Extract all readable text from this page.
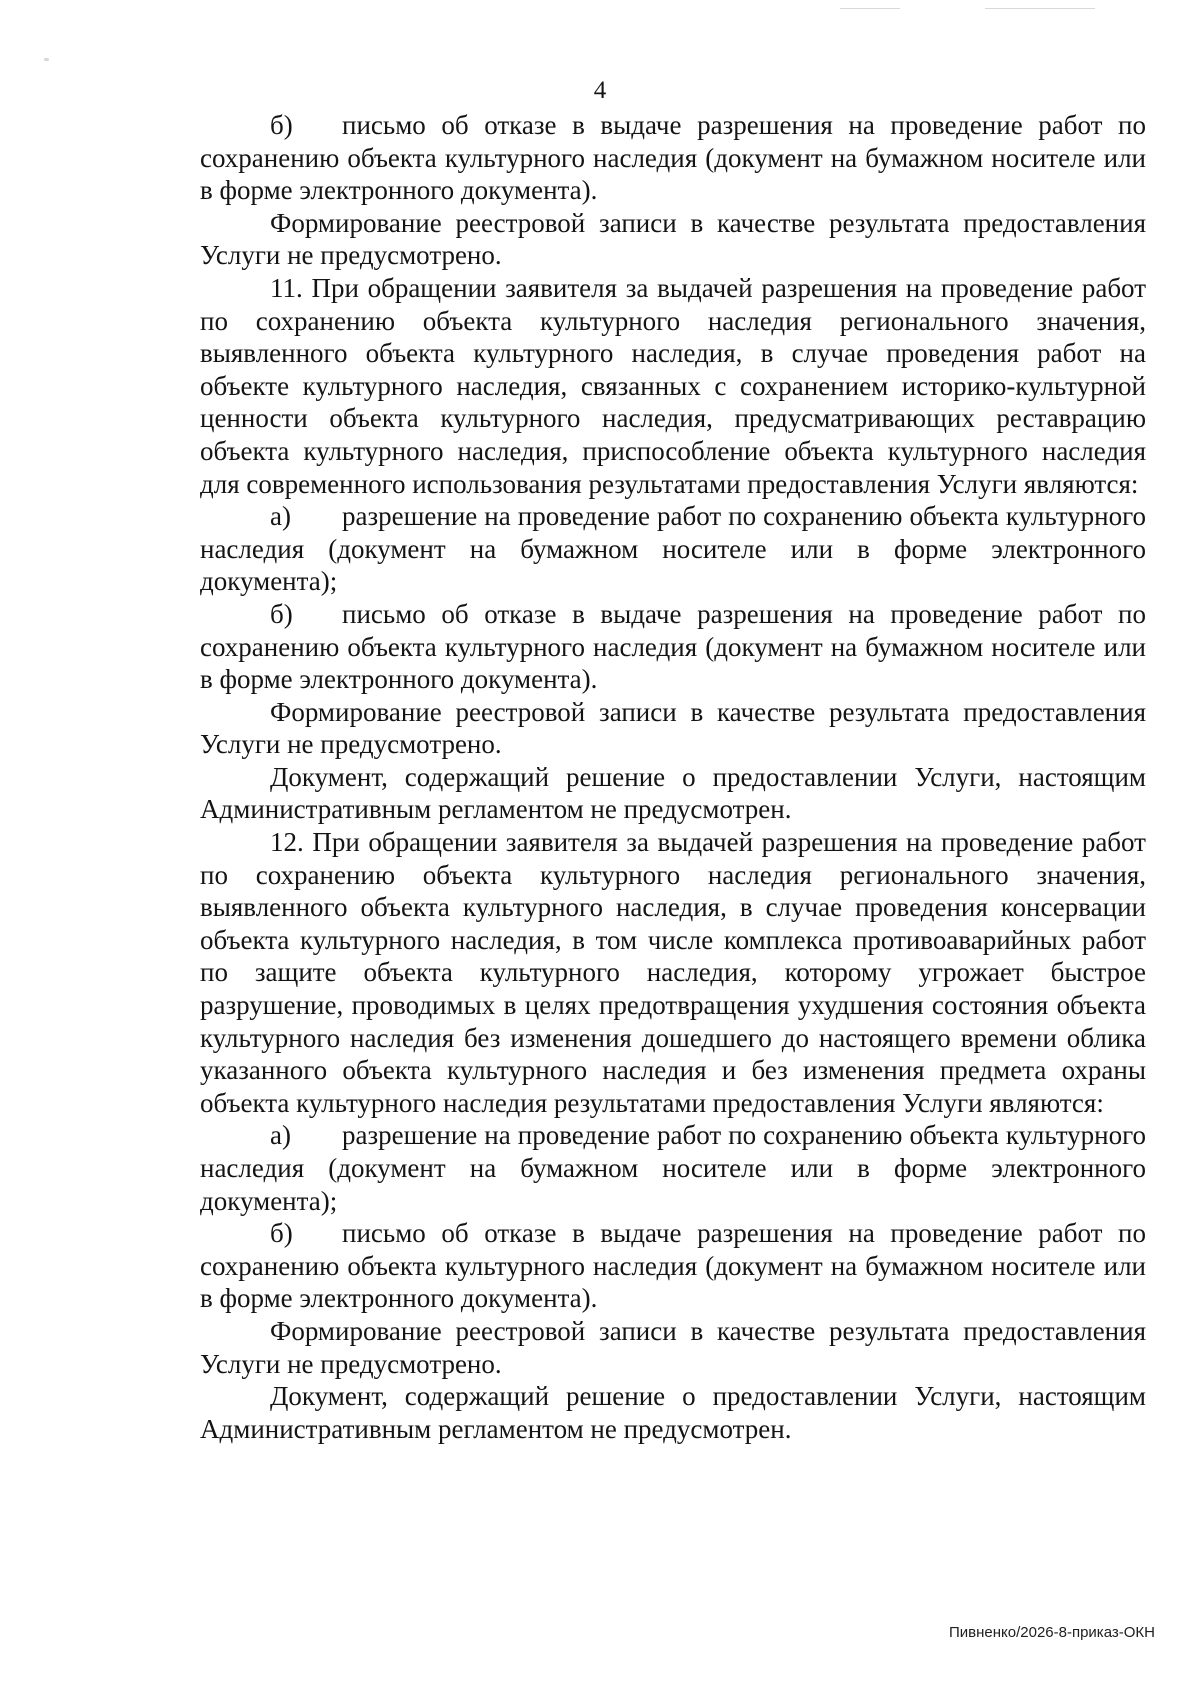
4

б) письмо об отказе в выдаче разрешения на проведение работ по сохранению объекта культурного наследия (документ на бумажном носителе или в форме электронного документа).

Формирование реестровой записи в качестве результата предоставления Услуги не предусмотрено.

11. При обращении заявителя за выдачей разрешения на проведение работ по сохранению объекта культурного наследия регионального значения, выявленного объекта культурного наследия, в случае проведения работ на объекте культурного наследия, связанных с сохранением историко-культурной ценности объекта культурного наследия, предусматривающих реставрацию объекта культурного наследия, приспособление объекта культурного наследия для современного использования результатами предоставления Услуги являются:

а) разрешение на проведение работ по сохранению объекта культурного наследия (документ на бумажном носителе или в форме электронного документа);

б) письмо об отказе в выдаче разрешения на проведение работ по сохранению объекта культурного наследия (документ на бумажном носителе или в форме электронного документа).

Формирование реестровой записи в качестве результата предоставления Услуги не предусмотрено.

Документ, содержащий решение о предоставлении Услуги, настоящим Административным регламентом не предусмотрен.

12. При обращении заявителя за выдачей разрешения на проведение работ по сохранению объекта культурного наследия регионального значения, выявленного объекта культурного наследия, в случае проведения консервации объекта культурного наследия, в том числе комплекса противоаварийных работ по защите объекта культурного наследия, которому угрожает быстрое разрушение, проводимых в целях предотвращения ухудшения состояния объекта культурного наследия без изменения дошедшего до настоящего времени облика указанного объекта культурного наследия и без изменения предмета охраны объекта культурного наследия результатами предоставления Услуги являются:

а) разрешение на проведение работ по сохранению объекта культурного наследия (документ на бумажном носителе или в форме электронного документа);

б) письмо об отказе в выдаче разрешения на проведение работ по сохранению объекта культурного наследия (документ на бумажном носителе или в форме электронного документа).

Формирование реестровой записи в качестве результата предоставления Услуги не предусмотрено.

Документ, содержащий решение о предоставлении Услуги, настоящим Административным регламентом не предусмотрен.

Пивненко/2026-8-приказ-ОКН
